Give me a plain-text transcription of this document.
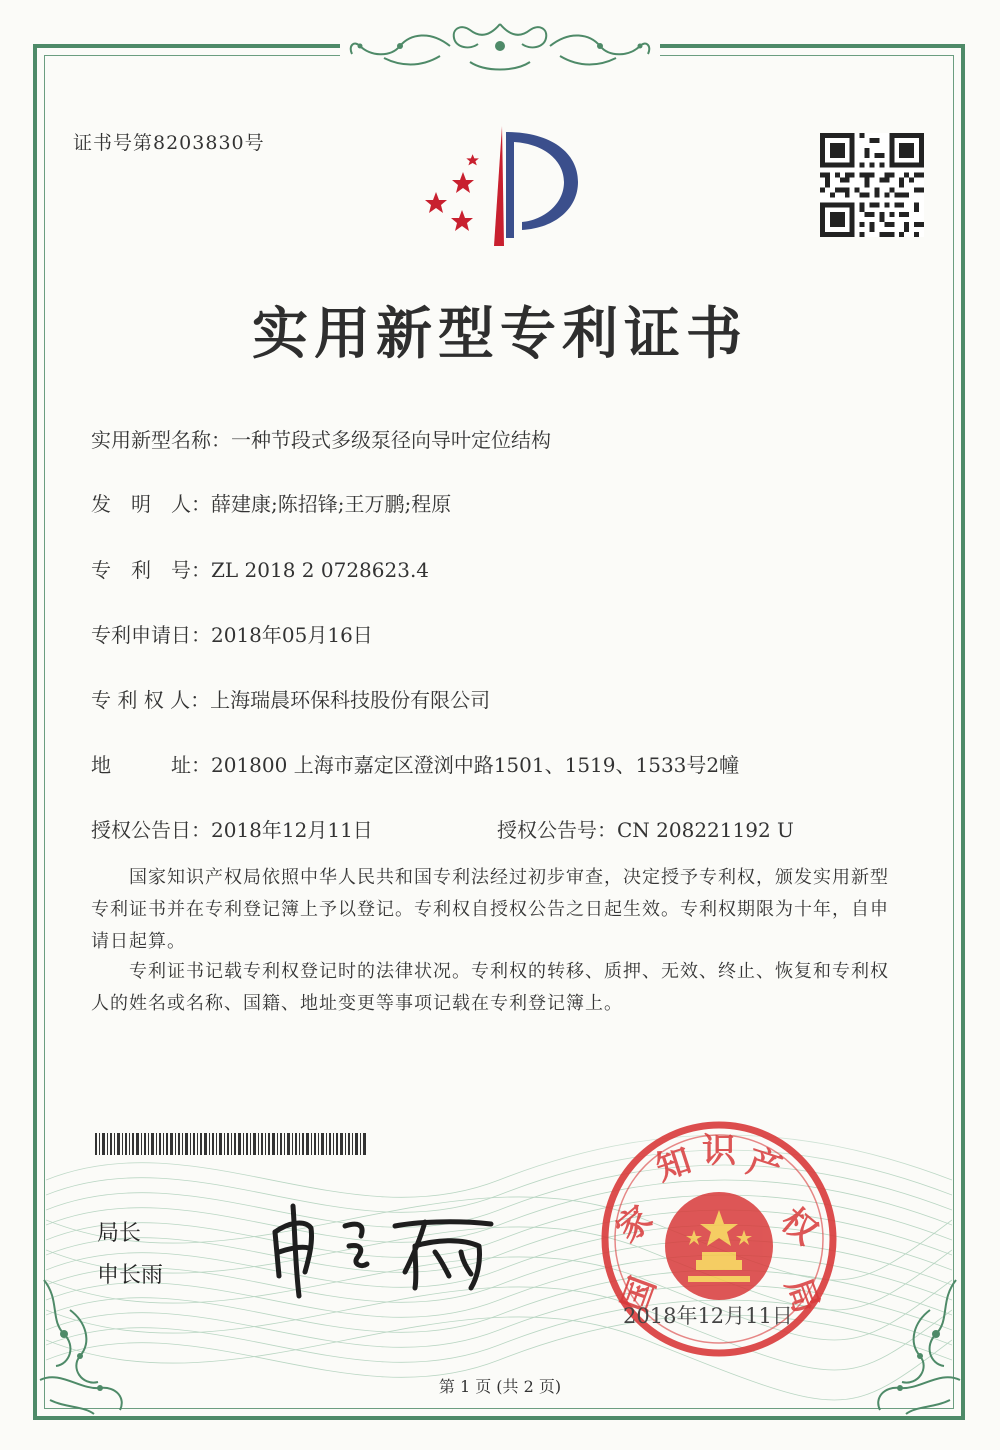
证书号第8203830号
实用新型专利证书
实用新型名称：一种节段式多级泵径向导叶定位结构
发　明　人：薛建康;陈招锋;王万鹏;程原
专　利　号：ZL 2018 2 0728623.4
专利申请日：2018年05月16日
专 利 权 人：上海瑞晨环保科技股份有限公司
地　　　址：201800 上海市嘉定区澄浏中路1501、1519、1533号2幢
授权公告日：2018年12月11日	授权公告号：CN 208221192 U
国家知识产权局依照中华人民共和国专利法经过初步审查，决定授予专利权，颁发实用新型专利证书并在专利登记簿上予以登记。专利权自授权公告之日起生效。专利权期限为十年，自申请日起算。
专利证书记载专利权登记时的法律状况。专利权的转移、质押、无效、终止、恢复和专利权人的姓名或名称、国籍、地址变更等事项记载在专利登记簿上。
局长
申长雨	国
家
知 识 产
权
局
2018年12月11日
第 1 页 (共 2 页)
